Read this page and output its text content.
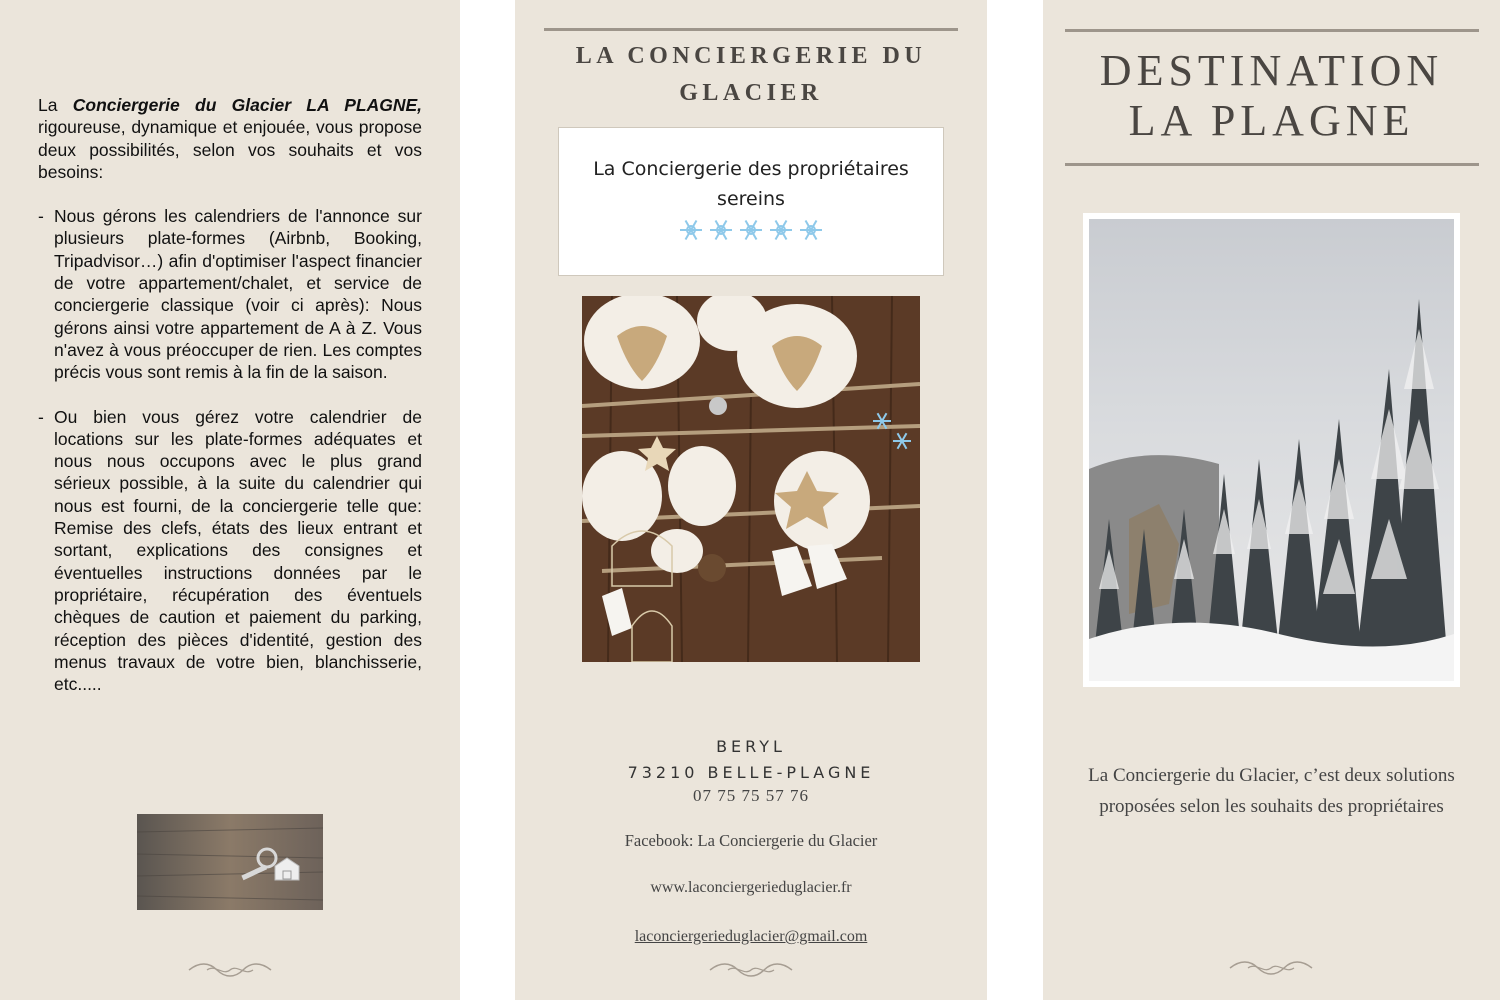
La Conciergerie du Glacier LA PLAGNE, rigoureuse, dynamique et enjouée, vous propose deux possibilités, selon vos souhaits et vos besoins:

- Nous gérons les calendriers de l'annonce sur plusieurs plate-formes (Airbnb, Booking, Tripadvisor…) afin d'optimiser l'aspect financier de votre appartement/chalet, et service de conciergerie classique (voir ci après): Nous gérons ainsi votre appartement de A à Z. Vous n'avez à vous préoccuper de rien. Les comptes précis vous sont remis à la fin de la saison.
- Ou bien vous gérez votre calendrier de locations sur les plate-formes adéquates et nous nous occupons avec le plus grand sérieux possible, à la suite du calendrier qui nous est fourni, de la conciergerie telle que: Remise des clefs, états des lieux entrant et sortant, explications des consignes et éventuelles instructions données par le propriétaire, récupération des éventuels chèques de caution et paiement du parking, réception des pièces d'identité, gestion des menus travaux de votre bien, blanchisserie, etc.....
LA CONCIERGERIE DU
GLACIER
La Conciergerie des propriétaires sereins
BERYL
73210 BELLE-PLAGNE
07 75 75 57 76
Facebook: La Conciergerie du Glacier
www.laconciergerieduglacier.fr
laconciergerieduglacier@gmail.com
DESTINATION
LA PLAGNE
La Conciergerie du Glacier, c’est deux solutions proposées selon les souhaits des propriétaires
